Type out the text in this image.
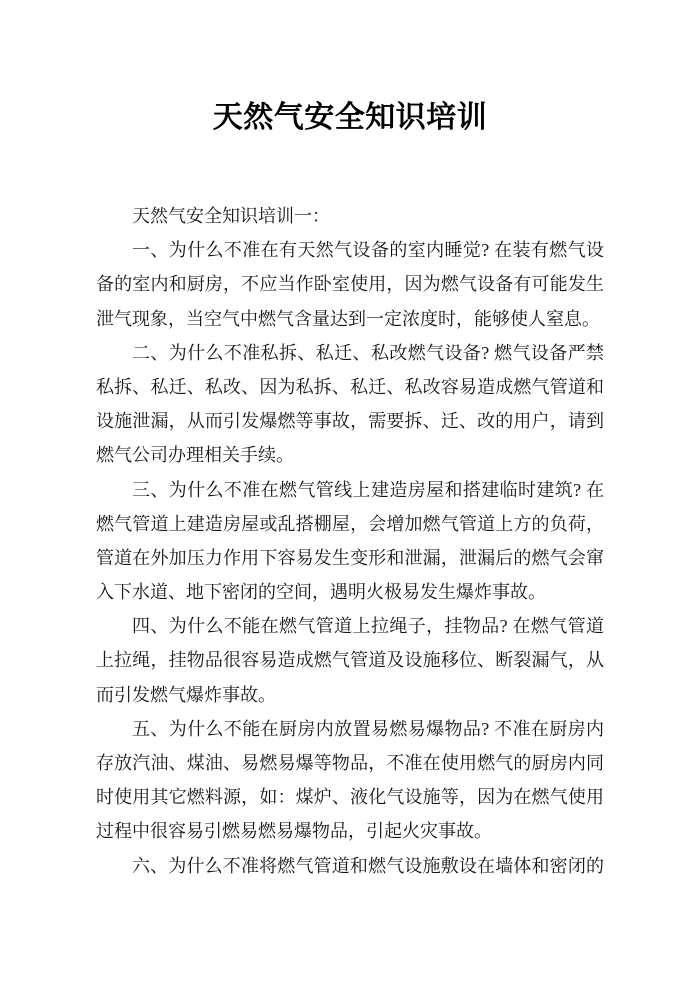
天然气安全知识培训
天然气安全知识培训一：
一、为什么不准在有天然气设备的室内睡觉? 在装有燃气设
备的室内和厨房，不应当作卧室使用，因为燃气设备有可能发生
泄气现象，当空气中燃气含量达到一定浓度时，能够使人窒息。
二、为什么不准私拆、私迁、私改燃气设备? 燃气设备严禁
私拆、私迁、私改、因为私拆、私迁、私改容易造成燃气管道和
设施泄漏，从而引发爆燃等事故，需要拆、迁、改的用户，请到
燃气公司办理相关手续。
三、为什么不准在燃气管线上建造房屋和搭建临时建筑? 在
燃气管道上建造房屋或乱搭棚屋，会增加燃气管道上方的负荷，
管道在外加压力作用下容易发生变形和泄漏，泄漏后的燃气会窜
入下水道、地下密闭的空间，遇明火极易发生爆炸事故。
四、为什么不能在燃气管道上拉绳子，挂物品? 在燃气管道
上拉绳，挂物品很容易造成燃气管道及设施移位、断裂漏气，从
而引发燃气爆炸事故。
五、为什么不能在厨房内放置易燃易爆物品? 不准在厨房内
存放汽油、煤油、易燃易爆等物品，不准在使用燃气的厨房内同
时使用其它燃料源，如：煤炉、液化气设施等，因为在燃气使用
过程中很容易引燃易燃易爆物品，引起火灾事故。
六、为什么不准将燃气管道和燃气设施敷设在墙体和密闭的
